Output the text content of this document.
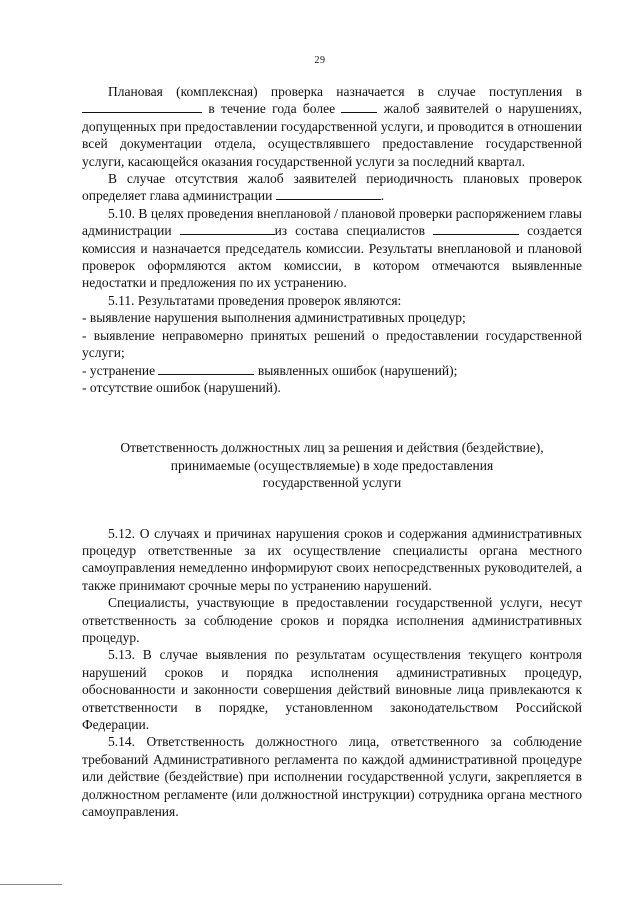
29

Плановая (комплексная) проверка назначается в случае поступления в  в течение года более	жалоб заявителей о нарушениях, допущенных при предоставлении государственной услуги, и проводится в отношении всей документации отдела, осуществлявшего предоставление государственной услуги, касающейся оказания государственной услуги за последний квартал.

В случае отсутствия жалоб заявителей периодичность плановых проверок определяет глава администрации	.

5.10. В целях проведения внеплановой / плановой проверки распоряжением главы администрации	из состава специалистов	создается комиссия и назначается председатель комиссии. Результаты внеплановой и плановой проверок оформляются актом комиссии, в котором отмечаются выявленные недостатки и предложения по их устранению.

5.11. Результатами проведения проверок являются:

- выявление нарушения выполнения административных процедур;

- выявление неправомерно принятых решений о предоставлении государственной услуги;

- устранение	выявленных ошибок (нарушений);

- отсутствие ошибок (нарушений).

Ответственность должностных лиц за решения и действия (бездействие),
принимаемые (осуществляемые) в ходе предоставления
государственной услуги

5.12. О случаях и причинах нарушения сроков и содержания административных процедур ответственные за их осуществление специалисты органа местного самоуправления немедленно информируют своих непосредственных руководителей, а также принимают срочные меры по устранению нарушений.

Специалисты, участвующие в предоставлении государственной услуги, несут ответственность за соблюдение сроков и порядка исполнения административных процедур.

5.13. В случае выявления по результатам осуществления текущего контроля нарушений сроков и порядка исполнения административных процедур, обоснованности и законности совершения действий виновные лица привлекаются к ответственности в порядке, установленном законодательством Российской Федерации.

5.14. Ответственность должностного лица, ответственного за соблюдение требований Административного регламента по каждой административной процедуре или действие (бездействие) при исполнении государственной услуги, закрепляется в должностном регламенте (или должностной инструкции) сотрудника органа местного самоуправления.
